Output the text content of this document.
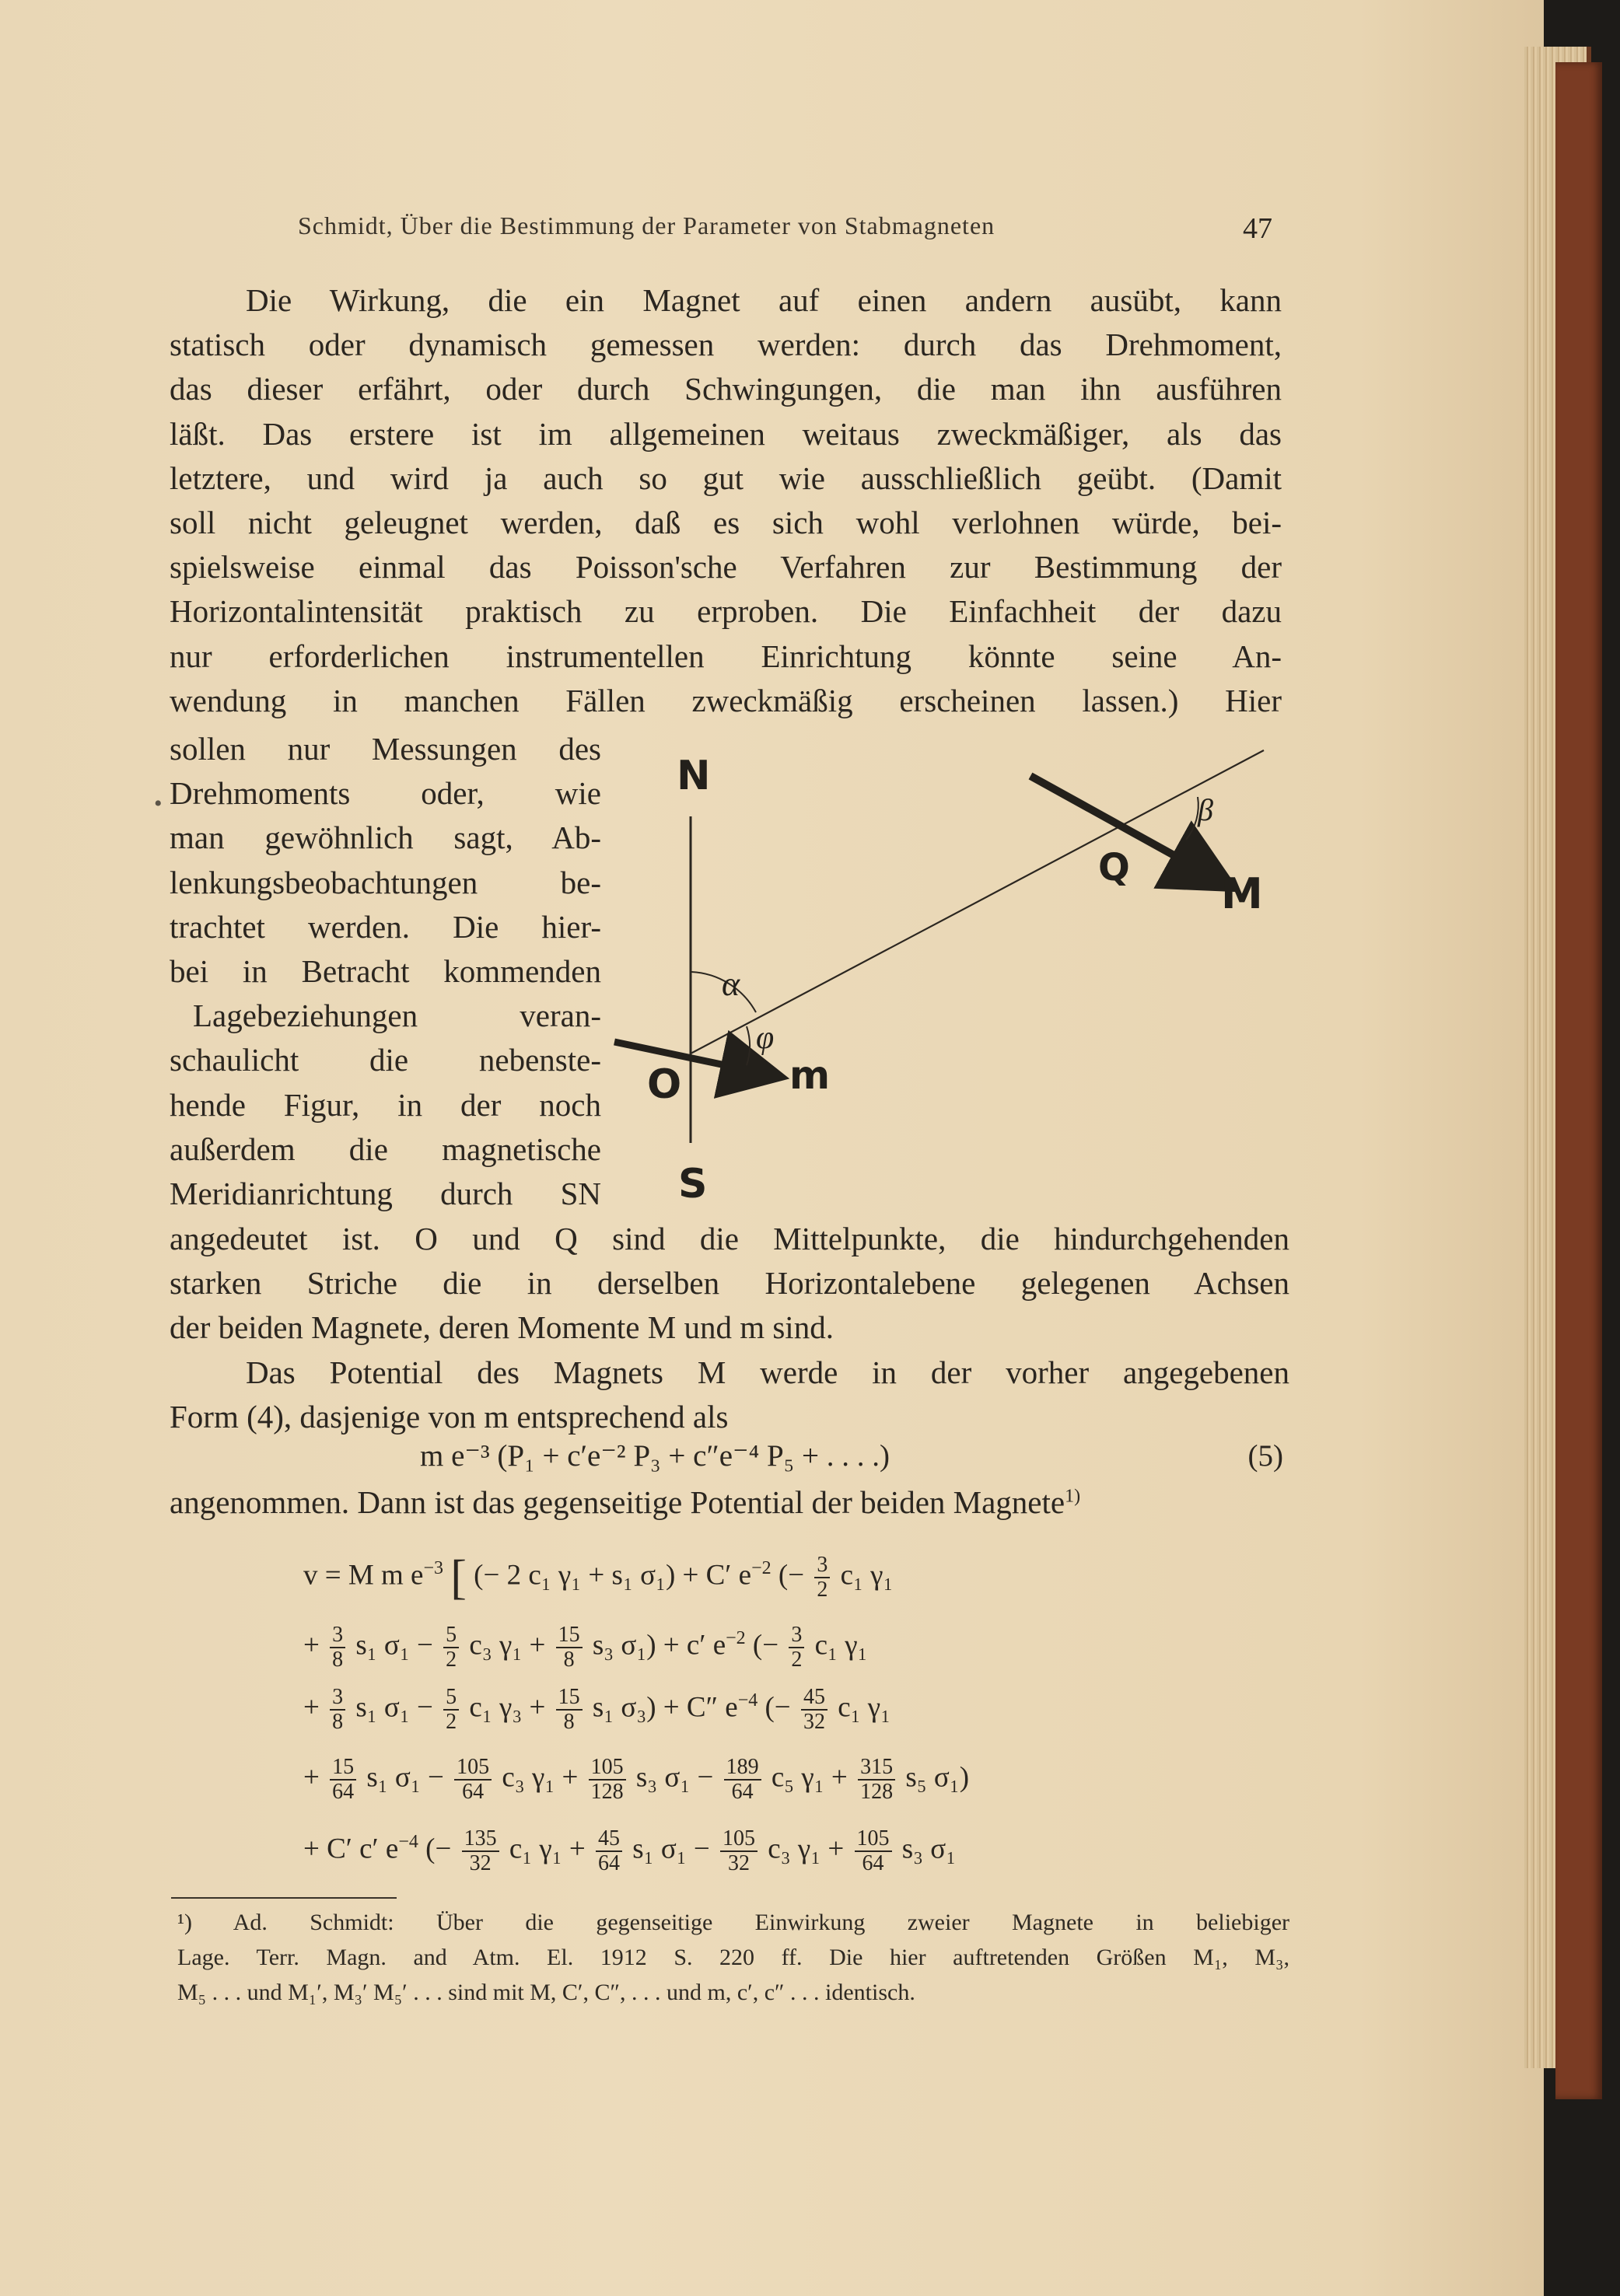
Schmidt, Über die Bestimmung der Parameter von Stabmagneten	47
Die Wirkung, die ein Magnet auf einen andern ausübt, kann
statisch oder dynamisch gemessen werden: durch das Drehmoment,
das dieser erfährt, oder durch Schwingungen, die man ihn ausführen
läßt. Das erstere ist im allgemeinen weitaus zweckmäßiger, als das
letztere, und wird ja auch so gut wie ausschließlich geübt. (Damit
soll nicht geleugnet werden, daß es sich wohl verlohnen würde, bei-
spielsweise einmal das Poisson'sche Verfahren zur Bestimmung der
Horizontalintensität praktisch zu erproben. Die Einfachheit der dazu
nur erforderlichen instrumentellen Einrichtung könnte seine An-
wendung in manchen Fällen zweckmäßig erscheinen lassen.) Hier
•
sollen nur Messungen des
Drehmoments oder, wie
man gewöhnlich sagt, Ab-
lenkungsbeobachtungen be-
trachtet werden. Die hier-
bei in Betracht kommenden
Lagebeziehungen veran-
schaulicht die nebenste-
hende Figur, in der noch
außerdem die magnetische
Meridianrichtung durch SN
N
S
O
Q
M
m
α
φ
β
angedeutet ist. O und Q sind die Mittelpunkte, die hindurchgehenden
starken Striche die in derselben Horizontalebene gelegenen Achsen
der beiden Magnete, deren Momente M und m sind.
Das Potential des Magnets M werde in der vorher angegebenen
Form (4), dasjenige von m entsprechend als
m e⁻³ (P₁ + c′e⁻² P₃ + c″e⁻⁴ P₅ + . . . .)	(5)
angenommen. Dann ist das gegenseitige Potential der beiden Magnete$^{1)}$
v = M m $e^{-3}$ [ (− 2 c₁ γ₁ + s₁ σ₁) + C′ $e^{-2}$ (− $\frac{3}{2} c_1$ γ₁
+ $\frac{3}{8} s_1$ $\sigma_1 - \frac{5}{2} c_3$ $\gamma_1 + \frac{15}{8} s_3$ σ₁) + c′ $e^{-2}$ (− $\frac{3}{2} c_1$ γ₁
+ $\frac{3}{8} s_1$ $\sigma_1 - \frac{5}{2} c_1$ $\gamma_3 + \frac{15}{8} s_1$ σ₃) + C″ $e^{-4}$ (− $\frac{45}{32} c_1$ γ₁
+ $\frac{15}{64} s_1$ $\sigma_1 - \frac{105}{64} c_3$ $\gamma_1 + \frac{105}{128} s_3$ $\sigma_1 - \frac{189}{64} c_5$ $\gamma_1 + \frac{315}{128} s_5$ σ₁)
+ C′ c′ $e^{-4}$ (− $\frac{135}{32} c_1$ $\gamma_1 + \frac{45}{64} s_1$ $\sigma_1 - \frac{105}{32} c_3$ $\gamma_1 + \frac{105}{64} s_3$ σ₁
¹) Ad. Schmidt: Über die gegenseitige Einwirkung zweier Magnete in beliebiger
Lage. Terr. Magn. and Atm. El. 1912 S. 220 ff. Die hier auftretenden Größen M₁, M₃,
M₅ . . . und M₁′, M₃′ M₅′ . . . sind mit M, C′, C″, . . . und m, c′, c″ . . . identisch.
